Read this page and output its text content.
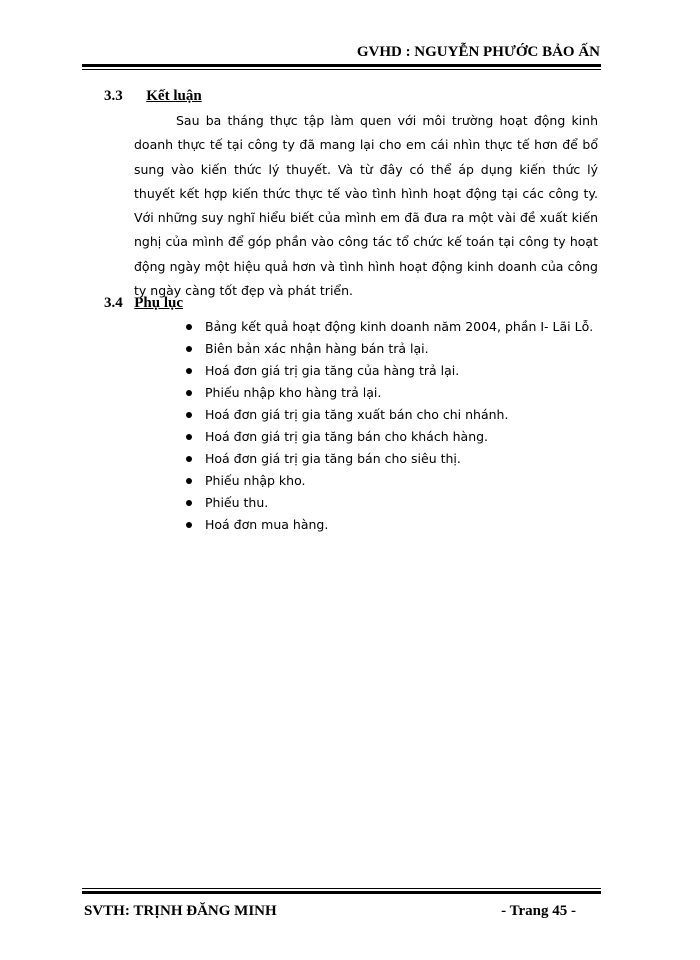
GVHD : NGUYỄN PHƯỚC BẢO ẤN
3.3 Kết luận
Sau ba tháng thực tập làm quen với môi trường hoạt động kinh doanh thực tế tại công ty đã mang lại cho em cái nhìn thực tế hơn để bổ sung vào kiến thức lý thuyết. Và từ đây có thể áp dụng kiến thức lý thuyết kết hợp kiến thức thực tế vào tình hình hoạt động tại các công ty. Với những suy nghĩ hiểu biết của mình em đã đưa ra một vài đề xuất kiến nghị của mình để góp phần vào công tác tổ chức kế toán tại công ty hoạt động ngày một hiệu quả hơn và tình hình hoạt động kinh doanh của công ty ngày càng tốt đẹp và phát triển.
3.4 Phụ lục
Bảng kết quả hoạt động kinh doanh năm 2004, phần I- Lãi Lỗ.
Biên bản xác nhận hàng bán trả lại.
Hoá đơn giá trị gia tăng của hàng trả lại.
Phiếu nhập kho hàng trả lại.
Hoá đơn giá trị gia tăng xuất bán cho chi nhánh.
Hoá đơn giá trị gia tăng bán cho khách hàng.
Hoá đơn giá trị gia tăng bán cho siêu thị.
Phiếu nhập kho.
Phiếu thu.
Hoá đơn mua hàng.
SVTH: TRỊNH ĐĂNG MINH	- Trang 45 -
